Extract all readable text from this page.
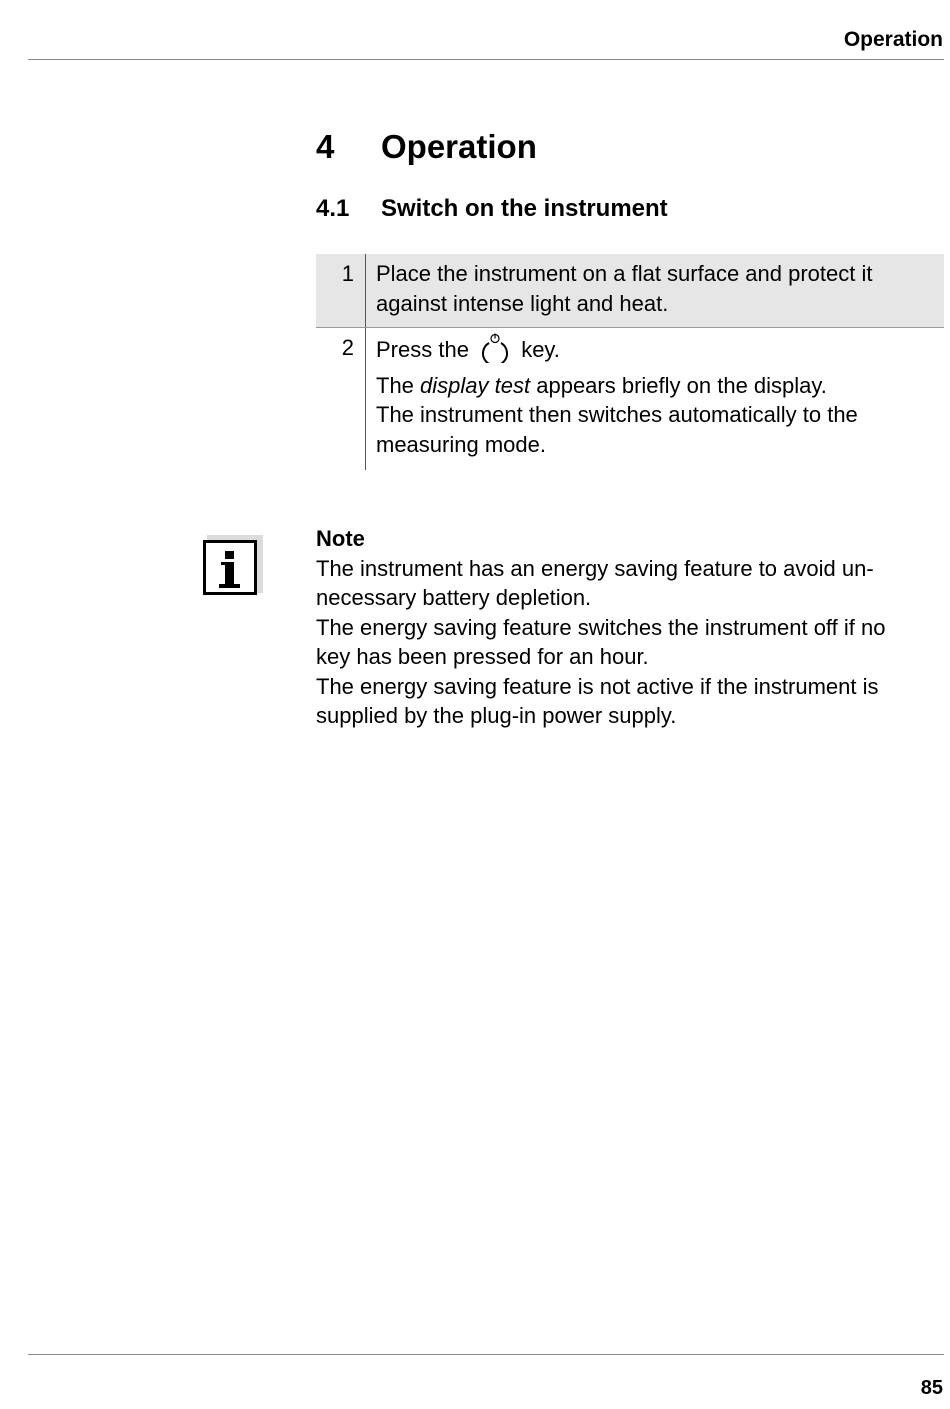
Operation
4 Operation
4.1 Switch on the instrument
1	Place the instrument on a flat surface and protect it
against intense light and heat.
2	Press the key.
The display test appears briefly on the display.
The instrument then switches automatically to the
measuring mode.
Note

The instrument has an energy saving feature to avoid un-

necessary battery depletion.

The energy saving feature switches the instrument off if no

key has been pressed for an hour.

The energy saving feature is not active if the instrument is

supplied by the plug-in power supply.

85
